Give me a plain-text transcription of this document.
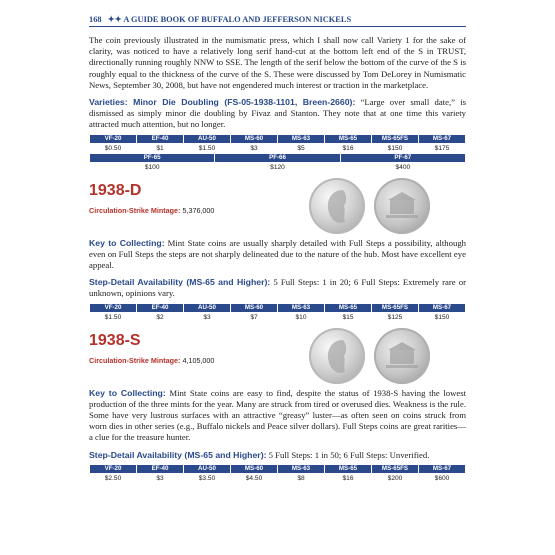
168 ✦✦ A GUIDE BOOK OF BUFFALO AND JEFFERSON NICKELS

The coin previously illustrated in the numismatic press, which I shall now call Variety 1 for the sake of clarity, was noticed to have a relatively long serif hand-cut at the bottom left end of the S in TRUST, directionally running roughly NNW to SSE. The length of the serif below the bottom of the curve of the S is roughly equal to the thickness of the curve of the S. These were discussed by Tom DeLorey in Numismatic News, September 30, 2008, but have not engendered much interest or traction in the marketplace.

Varieties: Minor Die Doubling (FS-05-1938-1101, Breen-2660): “Large over small date,” is dismissed as simply minor die doubling by Fivaz and Stanton. They note that at one time this variety attracted much attention, but no longer.

VF-20	EF-40	AU-50	MS-60	MS-63	MS-65	MS-65FS	MS-67
$0.50	$1	$1.50	$3	$5	$16	$150	$175
PF-65	PF-66	PF-67
$100	$120	$400
1938-D
Circulation-Strike Mintage: 5,376,000

Key to Collecting: Mint State coins are usually sharply detailed with Full Steps a possibility, although even on Full Steps the steps are not sharply delineated due to the nature of the hub. Most have excellent eye appeal.

Step-Detail Availability (MS-65 and Higher): 5 Full Steps: 1 in 20; 6 Full Steps: Extremely rare or unknown, opinions vary.

VF-20	EF-40	AU-50	MS-60	MS-63	MS-65	MS-65FS	MS-67
$1.50	$2	$3	$7	$10	$15	$125	$150
1938-S
Circulation-Strike Mintage: 4,105,000

Key to Collecting: Mint State coins are easy to find, despite the status of 1938-S having the lowest production of the three mints for the year. Many are struck from tired or overused dies. Weakness is the rule. Some have very lustrous surfaces with an attractive “greasy” luster—as often seen on coins struck from worn dies in other series (e.g., Buffalo nickels and Peace silver dollars). Full Steps coins are great rarities—a clue for the treasure hunter.

Step-Detail Availability (MS-65 and Higher): 5 Full Steps: 1 in 50; 6 Full Steps: Unverified.

VF-20	EF-40	AU-50	MS-60	MS-63	MS-65	MS-65FS	MS-67
$2.50	$3	$3.50	$4.50	$8	$16	$200	$600
